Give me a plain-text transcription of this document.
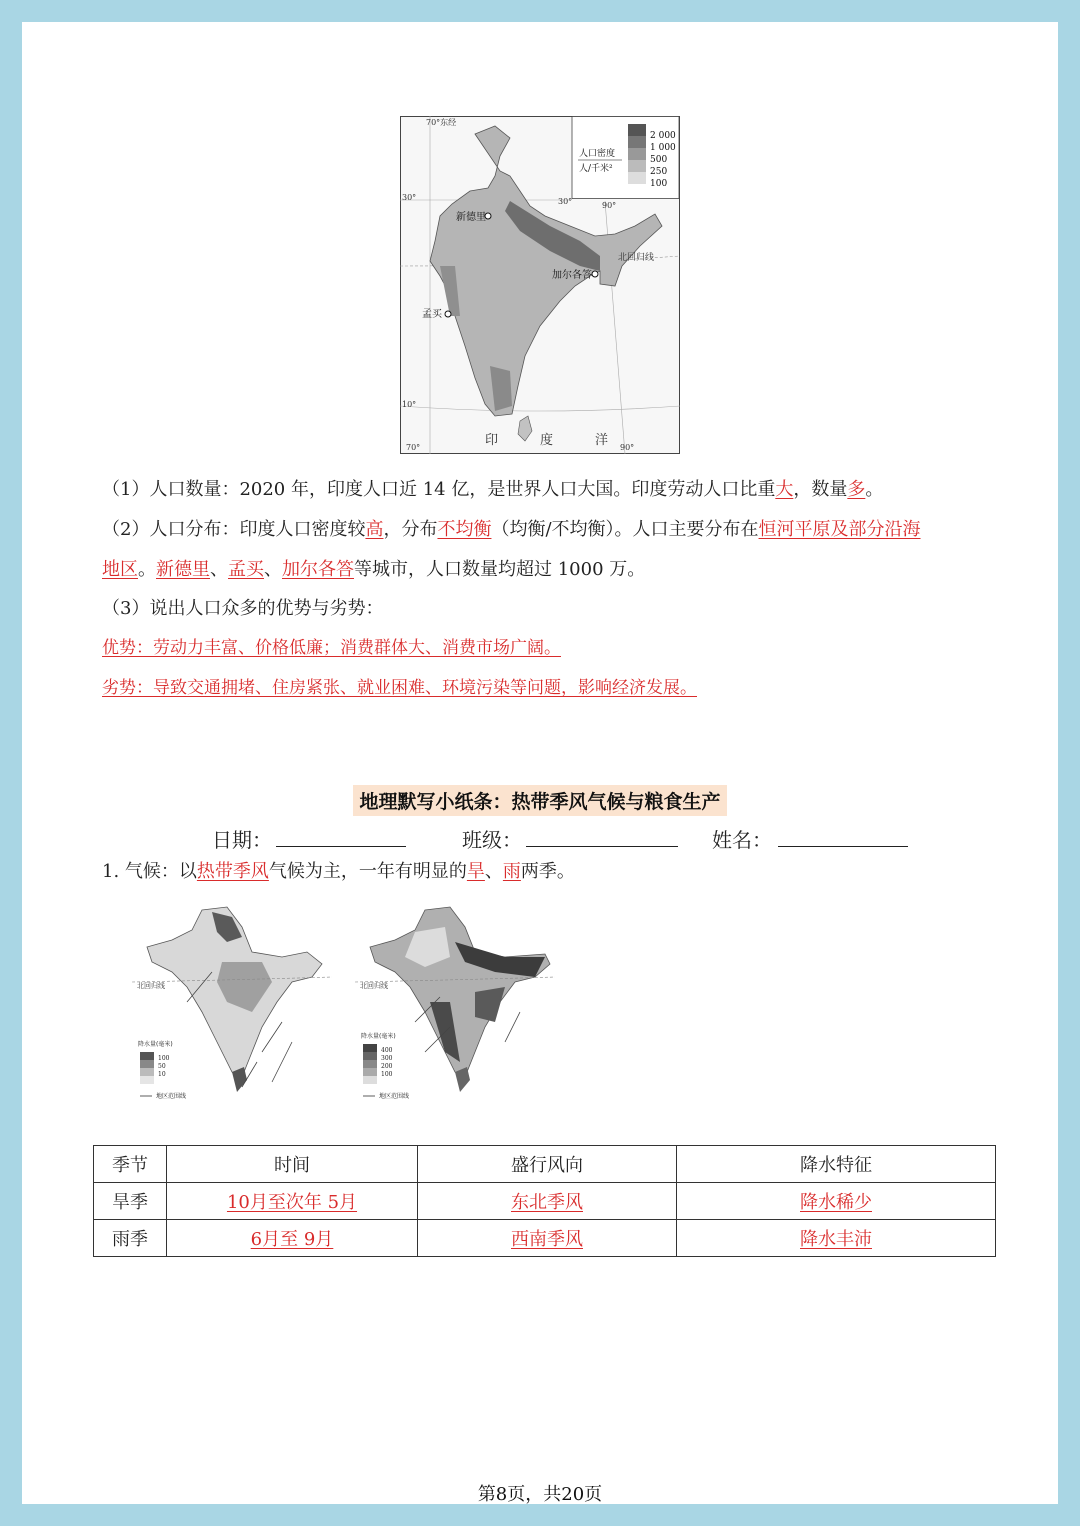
新德里
加尔各答
孟买
北回归线
70°东经
30°	30°	90°
10°
70°	90°
印	度	洋
人口密度
人/千米²
2 000
1 000
500
250
100
（1）人口数量：2020 年，印度人口近 14 亿，是世界人口大国。印度劳动人口比重大，数量多。
（2）人口分布：印度人口密度较高，分布不均衡（均衡/不均衡）。人口主要分布在恒河平原及部分沿海
地区。新德里、孟买、加尔各答等城市，人口数量均超过 1000 万。
（3）说出人口众多的优势与劣势：
优势：劳动力丰富、价格低廉；消费群体大、消费市场广阔。
劣势：导致交通拥堵、住房紧张、就业困难、环境污染等问题，影响经济发展。
地理默写小纸条：热带季风气候与粮食生产
日期：	班级：	姓名：
1. 气候：以热带季风气候为主，一年有明显的旱、雨两季。
北回归线
降水量(毫米)
100
50
10
地区范围线
北回归线
降水量(毫米)
400
300
200
100
地区范围线
季节	时间	盛行风向	降水特征
旱季	10月至次年 5月	东北季风	降水稀少
雨季	6月至 9月	西南季风	降水丰沛
第8页，共20页
